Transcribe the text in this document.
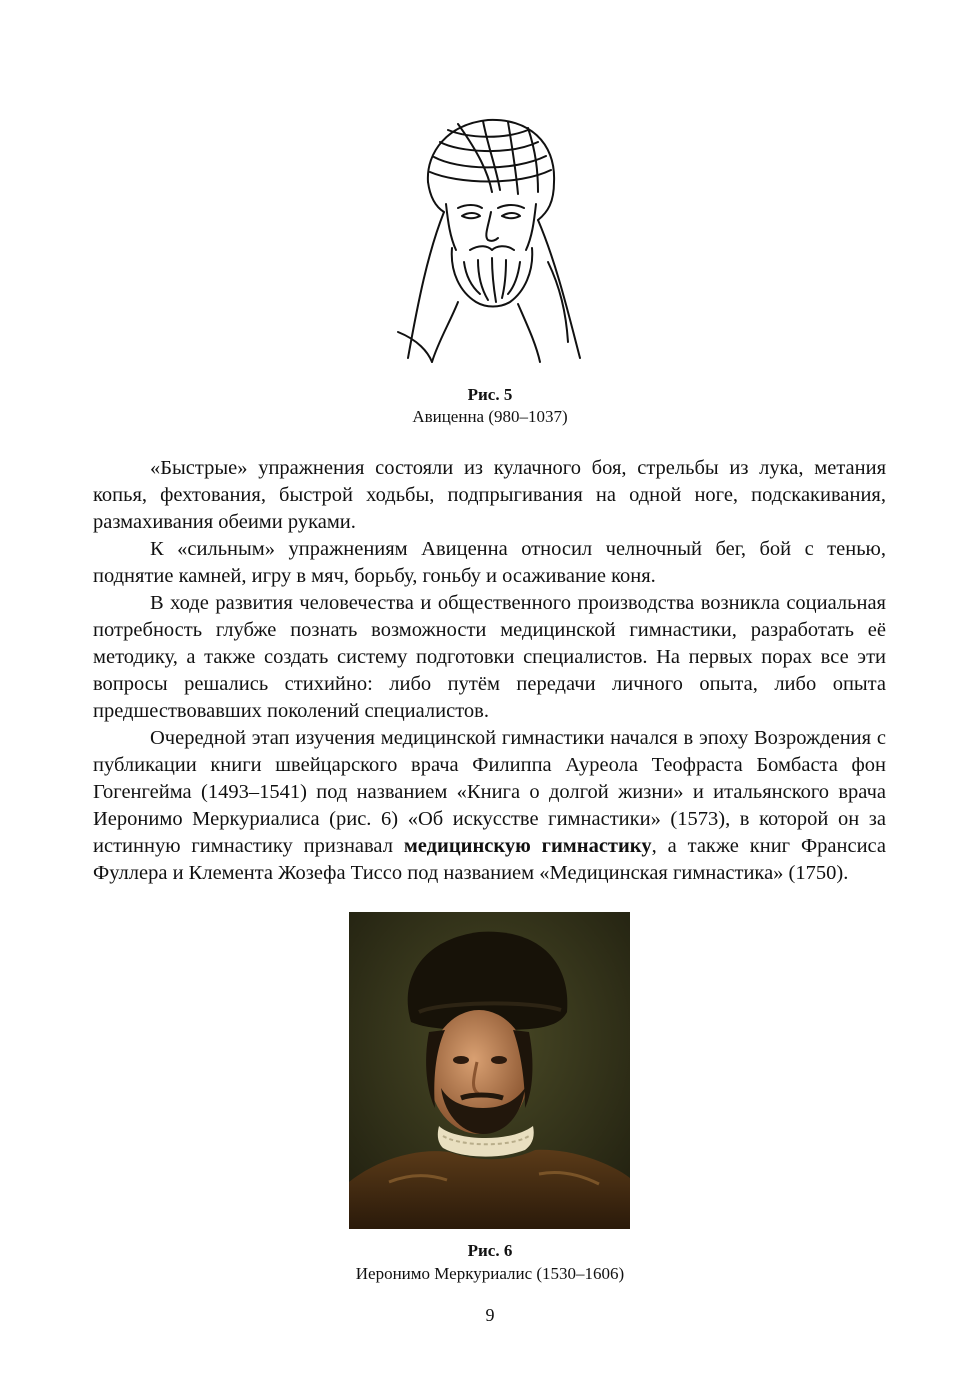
Рис. 5
Авиценна (980–1037)

«Быстрые» упражнения состояли из кулачного боя, стрельбы из лука, метания копья, фехтования, быстрой ходьбы, подпрыгивания на одной ноге, подскакивания, размахивания обеими руками.

К «сильным» упражнениям Авиценна относил челночный бег, бой с тенью, поднятие камней, игру в мяч, борьбу, гоньбу и осаживание коня.

В ходе развития человечества и общественного производства возникла социальная потребность глубже познать возможности медицинской гимнастики, разработать её методику, а также создать систему подготовки специалистов. На первых порах все эти вопросы решались стихийно: либо путём передачи личного опыта, либо опыта предшествовавших поколений специалистов.

Очередной этап изучения медицинской гимнастики начался в эпоху Возрождения с публикации книги швейцарского врача Филиппа Ауреола Теофраста Бомбаста фон Гогенгейма (1493–1541) под названием «Книга о долгой жизни» и итальянского врача Иеронимо Меркуриалиса (рис. 6) «Об искусстве гимнастики» (1573), в которой он за истинную гимнастику признавал медицинскую гимнастику, а также книг Франсиса Фуллера и Клемента Жозефа Тиссо под названием «Медицинская гимнастика» (1750).

Рис. 6
Иеронимо Меркуриалис (1530–1606)
9
